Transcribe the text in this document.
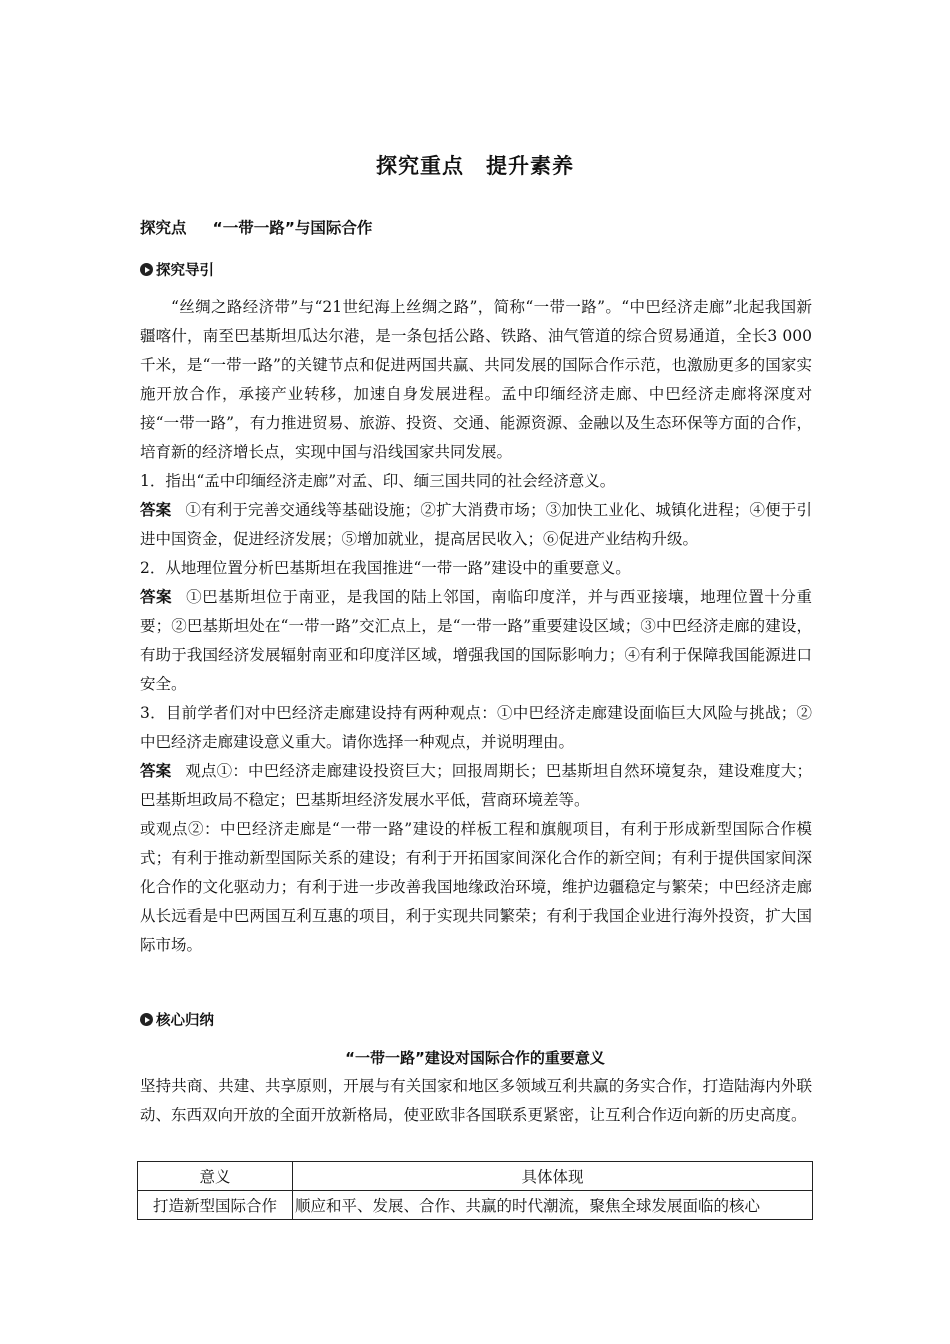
探究重点　提升素养
探究点 “一带一路”与国际合作
探究导引

“丝绸之路经济带”与“21世纪海上丝绸之路”，简称“一带一路”。“中巴经济走廊”北起我国新疆喀什，南至巴基斯坦瓜达尔港，是一条包括公路、铁路、油气管道的综合贸易通道，全长3 000千米，是“一带一路”的关键节点和促进两国共赢、共同发展的国际合作示范，也激励更多的国家实施开放合作，承接产业转移，加速自身发展进程。孟中印缅经济走廊、中巴经济走廊将深度对接“一带一路”，有力推进贸易、旅游、投资、交通、能源资源、金融以及生态环保等方面的合作，培育新的经济增长点，实现中国与沿线国家共同发展。

1．指出“孟中印缅经济走廊”对孟、印、缅三国共同的社会经济意义。

答案 ①有利于完善交通线等基础设施；②扩大消费市场；③加快工业化、城镇化进程；④便于引进中国资金，促进经济发展；⑤增加就业，提高居民收入；⑥促进产业结构升级。

2．从地理位置分析巴基斯坦在我国推进“一带一路”建设中的重要意义。

答案 ①巴基斯坦位于南亚，是我国的陆上邻国，南临印度洋，并与西亚接壤，地理位置十分重要；②巴基斯坦处在“一带一路”交汇点上，是“一带一路”重要建设区域；③中巴经济走廊的建设，有助于我国经济发展辐射南亚和印度洋区域，增强我国的国际影响力；④有利于保障我国能源进口安全。

3．目前学者们对中巴经济走廊建设持有两种观点：①中巴经济走廊建设面临巨大风险与挑战；②中巴经济走廊建设意义重大。请你选择一种观点，并说明理由。

答案 观点①：中巴经济走廊建设投资巨大；回报周期长；巴基斯坦自然环境复杂，建设难度大；巴基斯坦政局不稳定；巴基斯坦经济发展水平低，营商环境差等。

或观点②：中巴经济走廊是“一带一路”建设的样板工程和旗舰项目，有利于形成新型国际合作模式；有利于推动新型国际关系的建设；有利于开拓国家间深化合作的新空间；有利于提供国家间深化合作的文化驱动力；有利于进一步改善我国地缘政治环境，维护边疆稳定与繁荣；中巴经济走廊从长远看是中巴两国互利互惠的项目，利于实现共同繁荣；有利于我国企业进行海外投资，扩大国际市场。

核心归纳
“一带一路”建设对国际合作的重要意义

坚持共商、共建、共享原则，开展与有关国家和地区多领域互利共赢的务实合作，打造陆海内外联动、东西双向开放的全面开放新格局，使亚欧非各国联系更紧密，让互利合作迈向新的历史高度。

意义	具体体现
打造新型国际合作	顺应和平、发展、合作、共赢的时代潮流，聚焦全球发展面临的核心
